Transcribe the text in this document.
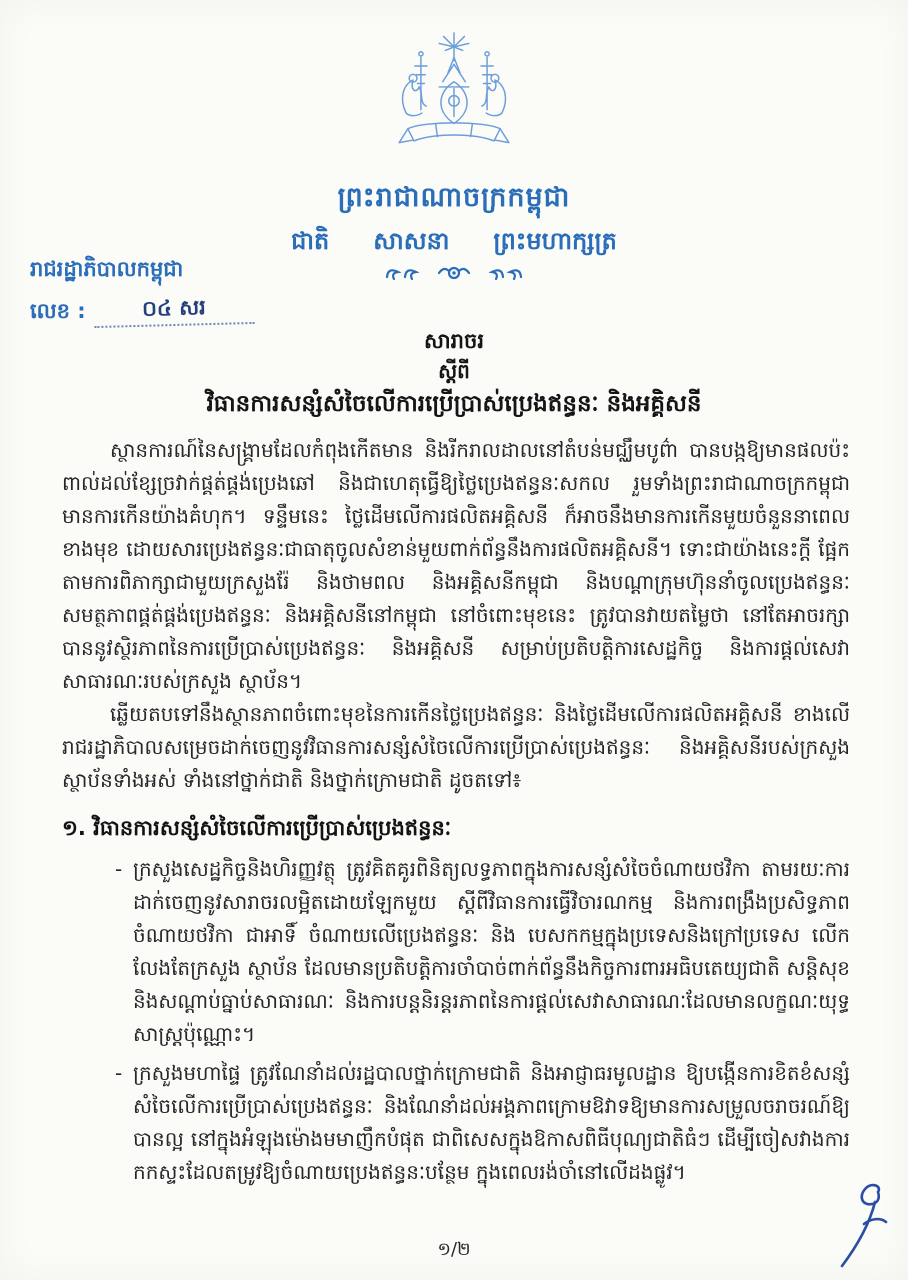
ព្រះរាជាណាចក្រកម្ពុជា
ជាតិ សាសនា ព្រះមហាក្សត្រ
រាជរដ្ឋាភិបាលកម្ពុជា
លេខ :	០៤ សរ
សារាចរ
ស្តីពី
វិធានការសន្សំសំចៃលើការប្រើប្រាស់ប្រេងឥន្ធនៈ និងអគ្គិសនី

ស្ថានការណ៍នៃសង្គ្រាមដែលកំពុងកើតមាន និងរីករាលដាលនៅតំបន់មជ្ឈឹមបូព៌ា បានបង្កឱ្យមានផលប៉ះពាល់ដល់ខ្សែច្រវាក់ផ្គត់ផ្គង់ប្រេងឆៅ និងជាហេតុធ្វើឱ្យថ្លៃប្រេងឥន្ធនៈសកល រួមទាំងព្រះរាជាណាចក្រកម្ពុជា មានការកើនយ៉ាងគំហុក។ ទន្ទឹមនេះ ថ្លៃដើមលើការផលិតអគ្គិសនី ក៏អាចនឹងមានការកើនមួយចំនួននាពេលខាងមុខ ដោយសារប្រេងឥន្ធនៈជាធាតុចូលសំខាន់មួយពាក់ព័ន្ធនឹងការផលិតអគ្គិសនី។ ទោះជាយ៉ាងនេះក្តី ផ្អែកតាមការពិភាក្សាជាមួយក្រសួងរ៉ែ និងថាមពល និងអគ្គិសនីកម្ពុជា និងបណ្តាក្រុមហ៊ុននាំចូលប្រេងឥន្ធនៈ សមត្ថភាពផ្គត់ផ្គង់ប្រេងឥន្ធនៈ និងអគ្គិសនីនៅកម្ពុជា នៅចំពោះមុខនេះ ត្រូវបានវាយតម្លៃថា នៅតែអាចរក្សាបាននូវស្ថិរភាពនៃការប្រើប្រាស់ប្រេងឥន្ធនៈ និងអគ្គិសនី សម្រាប់ប្រតិបត្តិការសេដ្ឋកិច្ច និងការផ្តល់សេវាសាធារណៈរបស់ក្រសួង ស្ថាប័ន។

ឆ្លើយតបទៅនឹងស្ថានភាពចំពោះមុខនៃការកើនថ្លៃប្រេងឥន្ធនៈ និងថ្លៃដើមលើការផលិតអគ្គិសនី ខាងលើ រាជរដ្ឋាភិបាលសម្រេចដាក់ចេញនូវវិធានការសន្សំសំចៃលើការប្រើប្រាស់ប្រេងឥន្ធនៈ និងអគ្គិសនីរបស់ក្រសួង ស្ថាប័នទាំងអស់ ទាំងនៅថ្នាក់ជាតិ និងថ្នាក់ក្រោមជាតិ ដូចតទៅ៖

១. វិធានការសន្សំសំចៃលើការប្រើប្រាស់ប្រេងឥន្ធនៈ
- ក្រសួងសេដ្ឋកិច្ចនិងហិរញ្ញវត្ថុ ត្រូវគិតគូរពិនិត្យលទ្ធភាពក្នុងការសន្សំសំចៃចំណាយថវិកា តាមរយៈការដាក់ចេញនូវសារាចរលម្អិតដោយឡែកមួយ ស្តីពីវិធានការធ្វើវិចារណកម្ម និងការពង្រឹងប្រសិទ្ធភាពចំណាយថវិកា ជាអាទិ៍ ចំណាយលើប្រេងឥន្ធនៈ និង បេសកកម្មក្នុងប្រទេសនិងក្រៅប្រទេស លើកលែងតែក្រសួង ស្ថាប័ន ដែលមានប្រតិបត្តិការចាំបាច់ពាក់ព័ន្ធនឹងកិច្ចការពារអធិបតេយ្យជាតិ សន្តិសុខ និងសណ្តាប់ធ្នាប់សាធារណៈ និងការបន្តនិរន្តរភាពនៃការផ្តល់សេវាសាធារណៈដែលមានលក្ខណៈយុទ្ធសាស្ត្រប៉ុណ្ណោះ។

- ក្រសួងមហាផ្ទៃ ត្រូវណែនាំដល់រដ្ឋបាលថ្នាក់ក្រោមជាតិ និងអាជ្ញាធរមូលដ្ឋាន ឱ្យបង្កើនការខិតខំសន្សំសំចៃលើការប្រើប្រាស់ប្រេងឥន្ធនៈ និងណែនាំដល់អង្គភាពក្រោមឱវាទឱ្យមានការសម្រួលចរាចរណ៍ឱ្យបានល្អ នៅក្នុងអំឡុងម៉ោងមមាញឹកបំផុត ជាពិសេសក្នុងឱកាសពិធីបុណ្យជាតិធំៗ ដើម្បីចៀសវាងការកកស្ទះដែលតម្រូវឱ្យចំណាយប្រេងឥន្ធនៈបន្ថែម ក្នុងពេលរង់ចាំនៅលើដងផ្លូវ។

១/២
